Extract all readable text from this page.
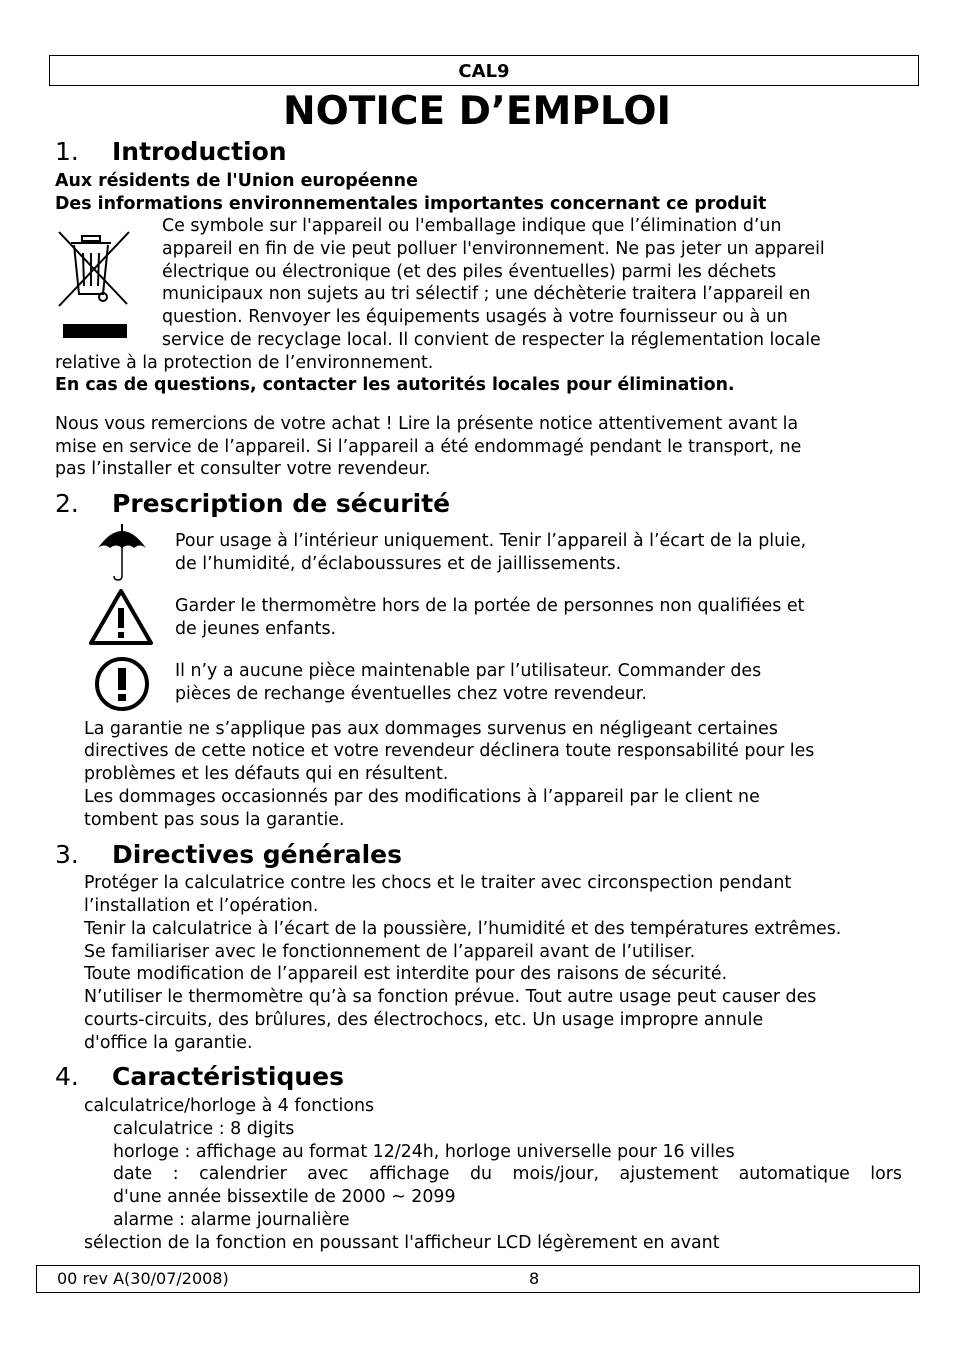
CAL9
NOTICE D’EMPLOI
1. Introduction
Aux résidents de l'Union européenne
Des informations environnementales importantes concernant ce produit
Ce symbole sur l'appareil ou l'emballage indique que l’élimination d’un
appareil en fin de vie peut polluer l'environnement. Ne pas jeter un appareil
électrique ou électronique (et des piles éventuelles) parmi les déchets
municipaux non sujets au tri sélectif ; une déchèterie traitera l’appareil en
question. Renvoyer les équipements usagés à votre fournisseur ou à un
service de recyclage local. Il convient de respecter la réglementation locale
relative à la protection de l’environnement.
En cas de questions, contacter les autorités locales pour élimination.
Nous vous remercions de votre achat ! Lire la présente notice attentivement avant la
mise en service de l’appareil. Si l’appareil a été endommagé pendant le transport, ne
pas l’installer et consulter votre revendeur.
2. Prescription de sécurité
Pour usage à l’intérieur uniquement. Tenir l’appareil à l’écart de la pluie,
de l’humidité, d’éclaboussures et de jaillissements.
Garder le thermomètre hors de la portée de personnes non qualifiées et
de jeunes enfants.
Il n’y a aucune pièce maintenable par l’utilisateur. Commander des
pièces de rechange éventuelles chez votre revendeur.
La garantie ne s’applique pas aux dommages survenus en négligeant certaines
directives de cette notice et votre revendeur déclinera toute responsabilité pour les
problèmes et les défauts qui en résultent.
Les dommages occasionnés par des modifications à l’appareil par le client ne
tombent pas sous la garantie.
3. Directives générales
Protéger la calculatrice contre les chocs et le traiter avec circonspection pendant
l’installation et l’opération.
Tenir la calculatrice à l’écart de la poussière, l’humidité et des températures extrêmes.
Se familiariser avec le fonctionnement de l’appareil avant de l’utiliser.
Toute modification de l’appareil est interdite pour des raisons de sécurité.
N’utiliser le thermomètre qu’à sa fonction prévue. Tout autre usage peut causer des
courts-circuits, des brûlures, des électrochocs, etc. Un usage impropre annule
d'office la garantie.
4. Caractéristiques
calculatrice/horloge à 4 fonctions
calculatrice : 8 digits
horloge : affichage au format 12/24h, horloge universelle pour 16 villes
date : calendrier avec affichage du mois/jour, ajustement automatique lors
d'une année bissextile de 2000 ~ 2099
alarme : alarme journalière
sélection de la fonction en poussant l'afficheur LCD légèrement en avant
00 rev A(30/07/2008)	8
